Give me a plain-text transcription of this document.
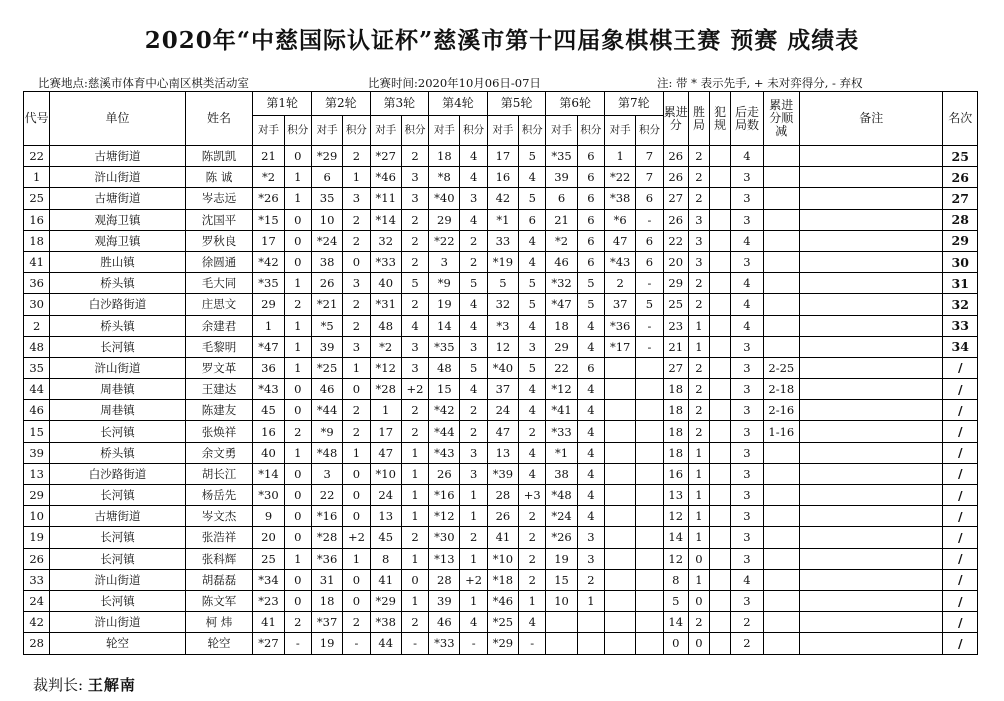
2020年“中慈国际认证杯”慈溪市第十四届象棋棋王赛 预赛 成绩表
比赛地点:慈溪市体育中心南区棋类活动室	比赛时间:2020年10月06日-07日	注: 带 * 表示先手, + 未对弈得分, - 弃权
代号	单位	姓名	第1轮		第2轮		第3轮		第4轮		第5轮		第6轮		第7轮		累进分	胜局	犯规	后走局数	累进分顺减	备注	名次
			对手	积分	对手	积分	对手	积分	对手	积分	对手	积分	对手	积分	对手	积分							
22	古塘街道	陈凯凯	21	0	*29	2	*27	2	18	4	17	5	*35	6	1	7	26	2		4			25
1	浒山街道	陈 诚	*2	1	6	1	*46	3	*8	4	16	4	39	6	*22	7	26	2		3			26
25	古塘街道	岑志远	*26	1	35	3	*11	3	*40	3	42	5	6	6	*38	6	27	2		3			27
16	观海卫镇	沈国平	*15	0	10	2	*14	2	29	4	*1	6	21	6	*6	-	26	3		3			28
18	观海卫镇	罗秋良	17	0	*24	2	32	2	*22	2	33	4	*2	6	47	6	22	3		4			29
41	胜山镇	徐圆通	*42	0	38	0	*33	2	3	2	*19	4	46	6	*43	6	20	3		3			30
36	桥头镇	毛大同	*35	1	26	3	40	5	*9	5	5	5	*32	5	2	-	29	2		4			31
30	白沙路街道	庄思文	29	2	*21	2	*31	2	19	4	32	5	*47	5	37	5	25	2		4			32
2	桥头镇	余建君	1	1	*5	2	48	4	14	4	*3	4	18	4	*36	-	23	1		4			33
48	长河镇	毛黎明	*47	1	39	3	*2	3	*35	3	12	3	29	4	*17	-	21	1		3			34
35	浒山街道	罗文革	36	1	*25	1	*12	3	48	5	*40	5	22	6			27	2		3	2-25		/
44	周巷镇	王建达	*43	0	46	0	*28	+2	15	4	37	4	*12	4			18	2		3	2-18		/
46	周巷镇	陈建友	45	0	*44	2	1	2	*42	2	24	4	*41	4			18	2		3	2-16		/
15	长河镇	张焕祥	16	2	*9	2	17	2	*44	2	47	2	*33	4			18	2		3	1-16		/
39	桥头镇	余文勇	40	1	*48	1	47	1	*43	3	13	4	*1	4			18	1		3			/
13	白沙路街道	胡长江	*14	0	3	0	*10	1	26	3	*39	4	38	4			16	1		3			/
29	长河镇	杨岳先	*30	0	22	0	24	1	*16	1	28	+3	*48	4			13	1		3			/
10	古塘街道	岑文杰	9	0	*16	0	13	1	*12	1	26	2	*24	4			12	1		3			/
19	长河镇	张浩祥	20	0	*28	+2	45	2	*30	2	41	2	*26	3			14	1		3			/
26	长河镇	张科辉	25	1	*36	1	8	1	*13	1	*10	2	19	3			12	0		3			/
33	浒山街道	胡磊磊	*34	0	31	0	41	0	28	+2	*18	2	15	2			8	1		4			/
24	长河镇	陈文军	*23	0	18	0	*29	1	39	1	*46	1	10	1			5	0		3			/
42	浒山街道	柯 炜	41	2	*37	2	*38	2	46	4	*25	4					14	2		2			/
28	轮空	轮空	*27	-	19	-	44	-	*33	-	*29	-					0	0		2			/
裁判长: 王解南
